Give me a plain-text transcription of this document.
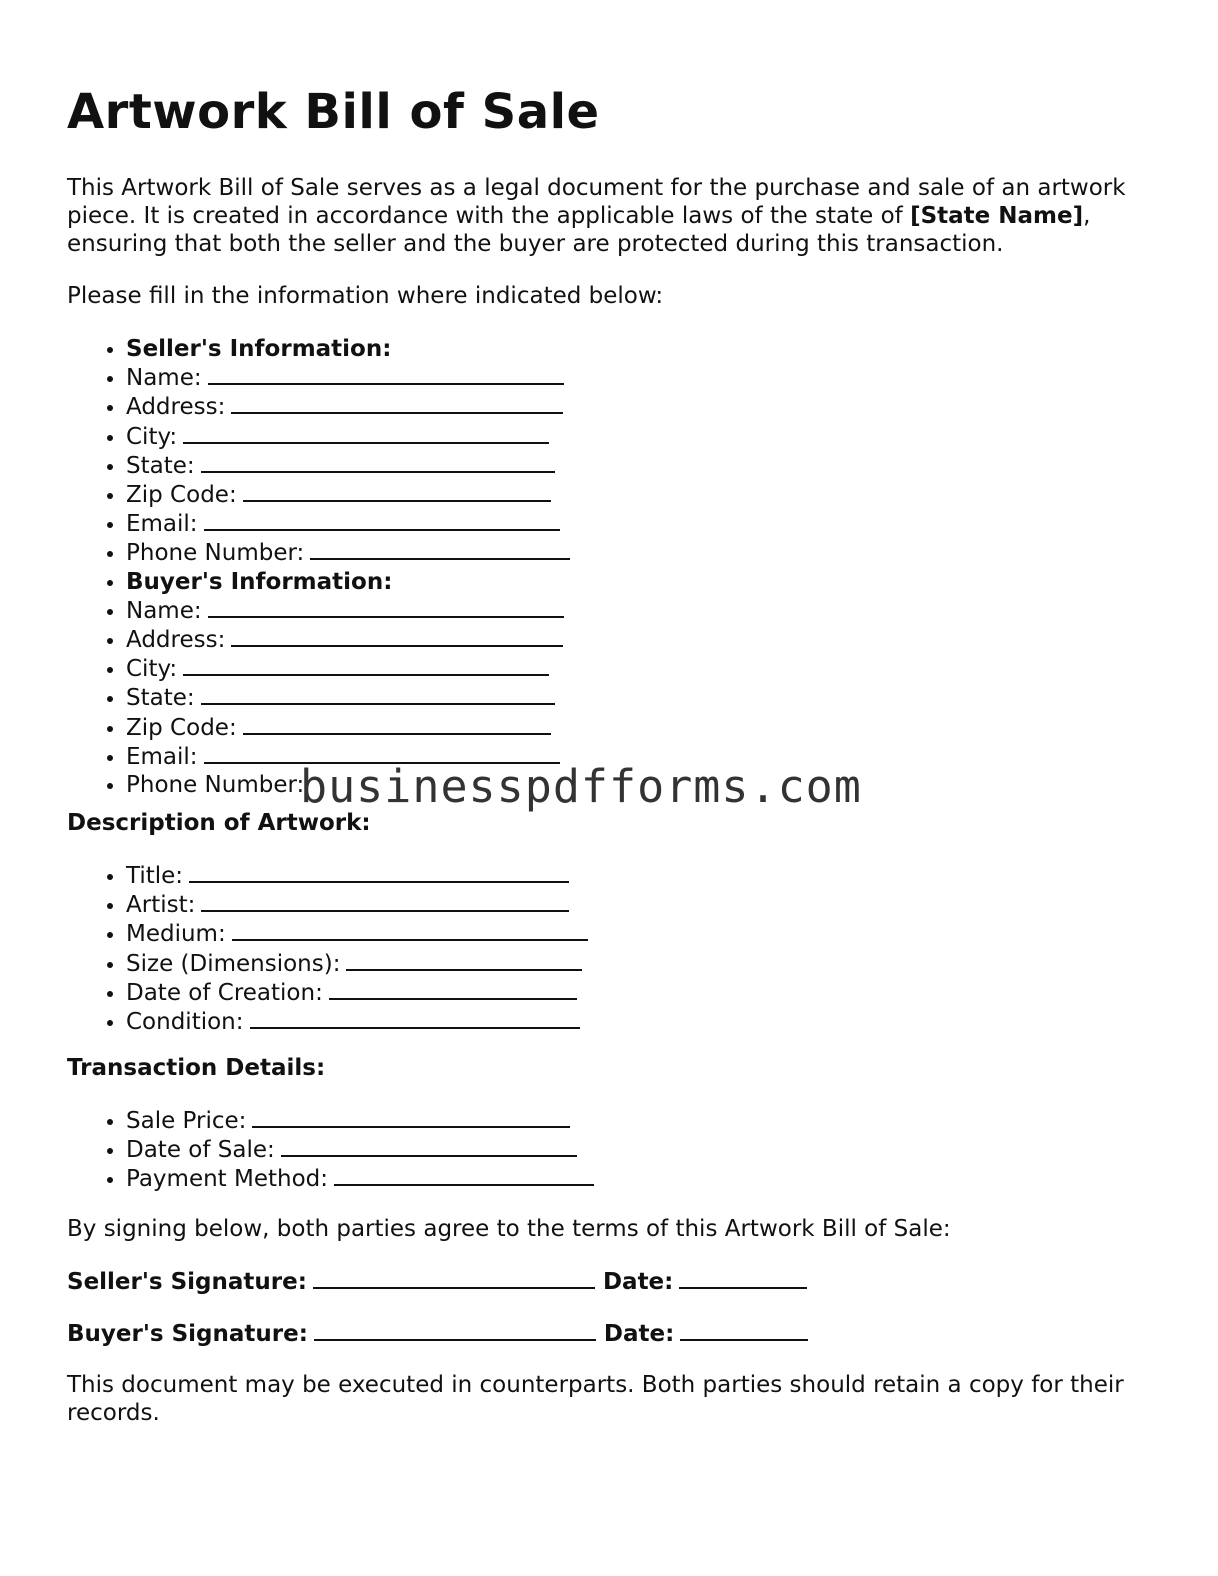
Artwork Bill of Sale

This Artwork Bill of Sale serves as a legal document for the purchase and sale of an artwork piece. It is created in accordance with the applicable laws of the state of [State Name], ensuring that both the seller and the buyer are protected during this transaction.

Please fill in the information where indicated below:

• Seller's Information:
• Name:
• Address:
• City:
• State:
• Zip Code:
• Email:
• Phone Number:
• Buyer's Information:
• Name:
• Address:
• City:
• State:
• Zip Code:
• Email:
• Phone Number:
Description of Artwork:
• Title:
• Artist:
• Medium:
• Size (Dimensions):
• Date of Creation:
• Condition:
Transaction Details:
• Sale Price:
• Date of Sale:
• Payment Method:

By signing below, both parties agree to the terms of this Artwork Bill of Sale:

Seller's Signature:	Date:

Buyer's Signature:	Date:

This document may be executed in counterparts. Both parties should retain a copy for their records.

businesspdfforms.com
